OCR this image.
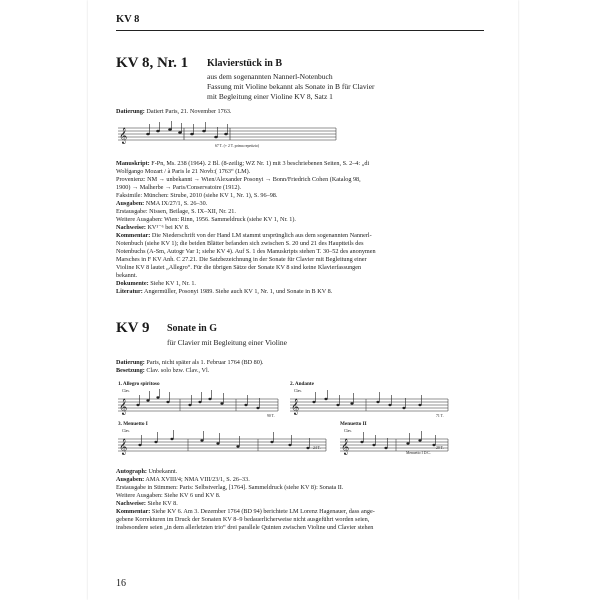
KV 8
KV 8, Nr. 1 Klavierstück in B
aus dem sogenannten Nannerl-Notenbuch
Fassung mit Violine bekannt als Sonate in B für Clavier
mit Begleitung einer Violine KV 8, Satz 1
Datierung: Datiert Paris, 21. November 1763.
𝄞
67 T. (+ 2 T. prima repetizio)
Manuskript: F-Pn, Ms. 238 (1964). 2 Bl. (8-zeilig; WZ Nr. 1) mit 3 beschriebenen Seiten, S. 2–4: „di
Wolfgango Mozart / à Paris le 21 Novb:( 1763“ (LM).
Provenienz: NM → unbekannt → Wien/Alexander Posonyi → Bonn/Friedrich Cohen (Katalog 98,
1900) → Malherbe → Paris/Conservatoire (1912).
Faksimile: München: Strube, 2010 (siehe KV 1, Nr. 1), S. 96–98.
Ausgaben: NMA IX/27/1, S. 26–30.
Erstausgabe: Nissen, Beilage, S. IX–XII, Nr. 21.
Weitere Ausgaben: Wien: Rinn, 1956. Sammeldruck (siehe KV 1, Nr. 1).
Nachweise: KV¹⁻⁶ bei KV 8.
Kommentar: Die Niederschrift von der Hand LM stammt ursprünglich aus dem sogenannten Nannerl-
Notenbuch (siehe KV 1); die beiden Blätter befanden sich zwischen S. 20 und 21 des Hauptteils des
Notenbuchs (A-Sm, Autogr Var 1; siehe KV 4). Auf S. 1 des Manuskripts stehen T. 30–52 des anonymen
Marsches in F KV Anh. C 27.21. Die Satzbezeichnung in der Sonate für Clavier mit Begleitung einer
Violine KV 8 lautet „Allegro“. Für die übrigen Sätze der Sonate KV 8 sind keine Klavierfassungen
bekannt.
Dokumente: Siehe KV 1, Nr. 1.
Literatur: Angermüller, Posonyi 1989. Siehe auch KV 1, Nr. 1, und Sonate in B KV 8.
KV 9 Sonate in G
für Clavier mit Begleitung einer Violine
Datierung: Paris, nicht später als 1. Februar 1764 (BD 80).
Besetzung: Clav. solo bzw. Clav., Vl.
1. Allegro spiritoso	2. Andante
3. Menuetto I	Menuetto II
𝄞
Clav.
90 T.
𝄞
Clav.
71 T.
𝄞
Clav.
24 T. 𝄞
Clav.
20 T.
Menuetto I D.C.
Autograph: Unbekannt.
Ausgaben: AMA XVIII/4; NMA VIII/23/1, S. 26–33.
Erstausgabe in Stimmen: Paris: Selbstverlag, [1764]. Sammeldruck (siehe KV 8): Sonata II.
Weitere Ausgaben: Siehe KV 6 und KV 8.
Nachweise: Siehe KV 8.
Kommentar: Siehe KV 6. Am 3. Dezember 1764 (BD 94) berichtete LM Lorenz Hagenauer, dass ange-
gebene Korrekturen im Druck der Sonaten KV 8–9 bedauerlicherweise nicht ausgeführt worden seien,
insbesondere seien „in dem allerletzten trio“ drei parallele Quinten zwischen Violine und Clavier stehen
16
